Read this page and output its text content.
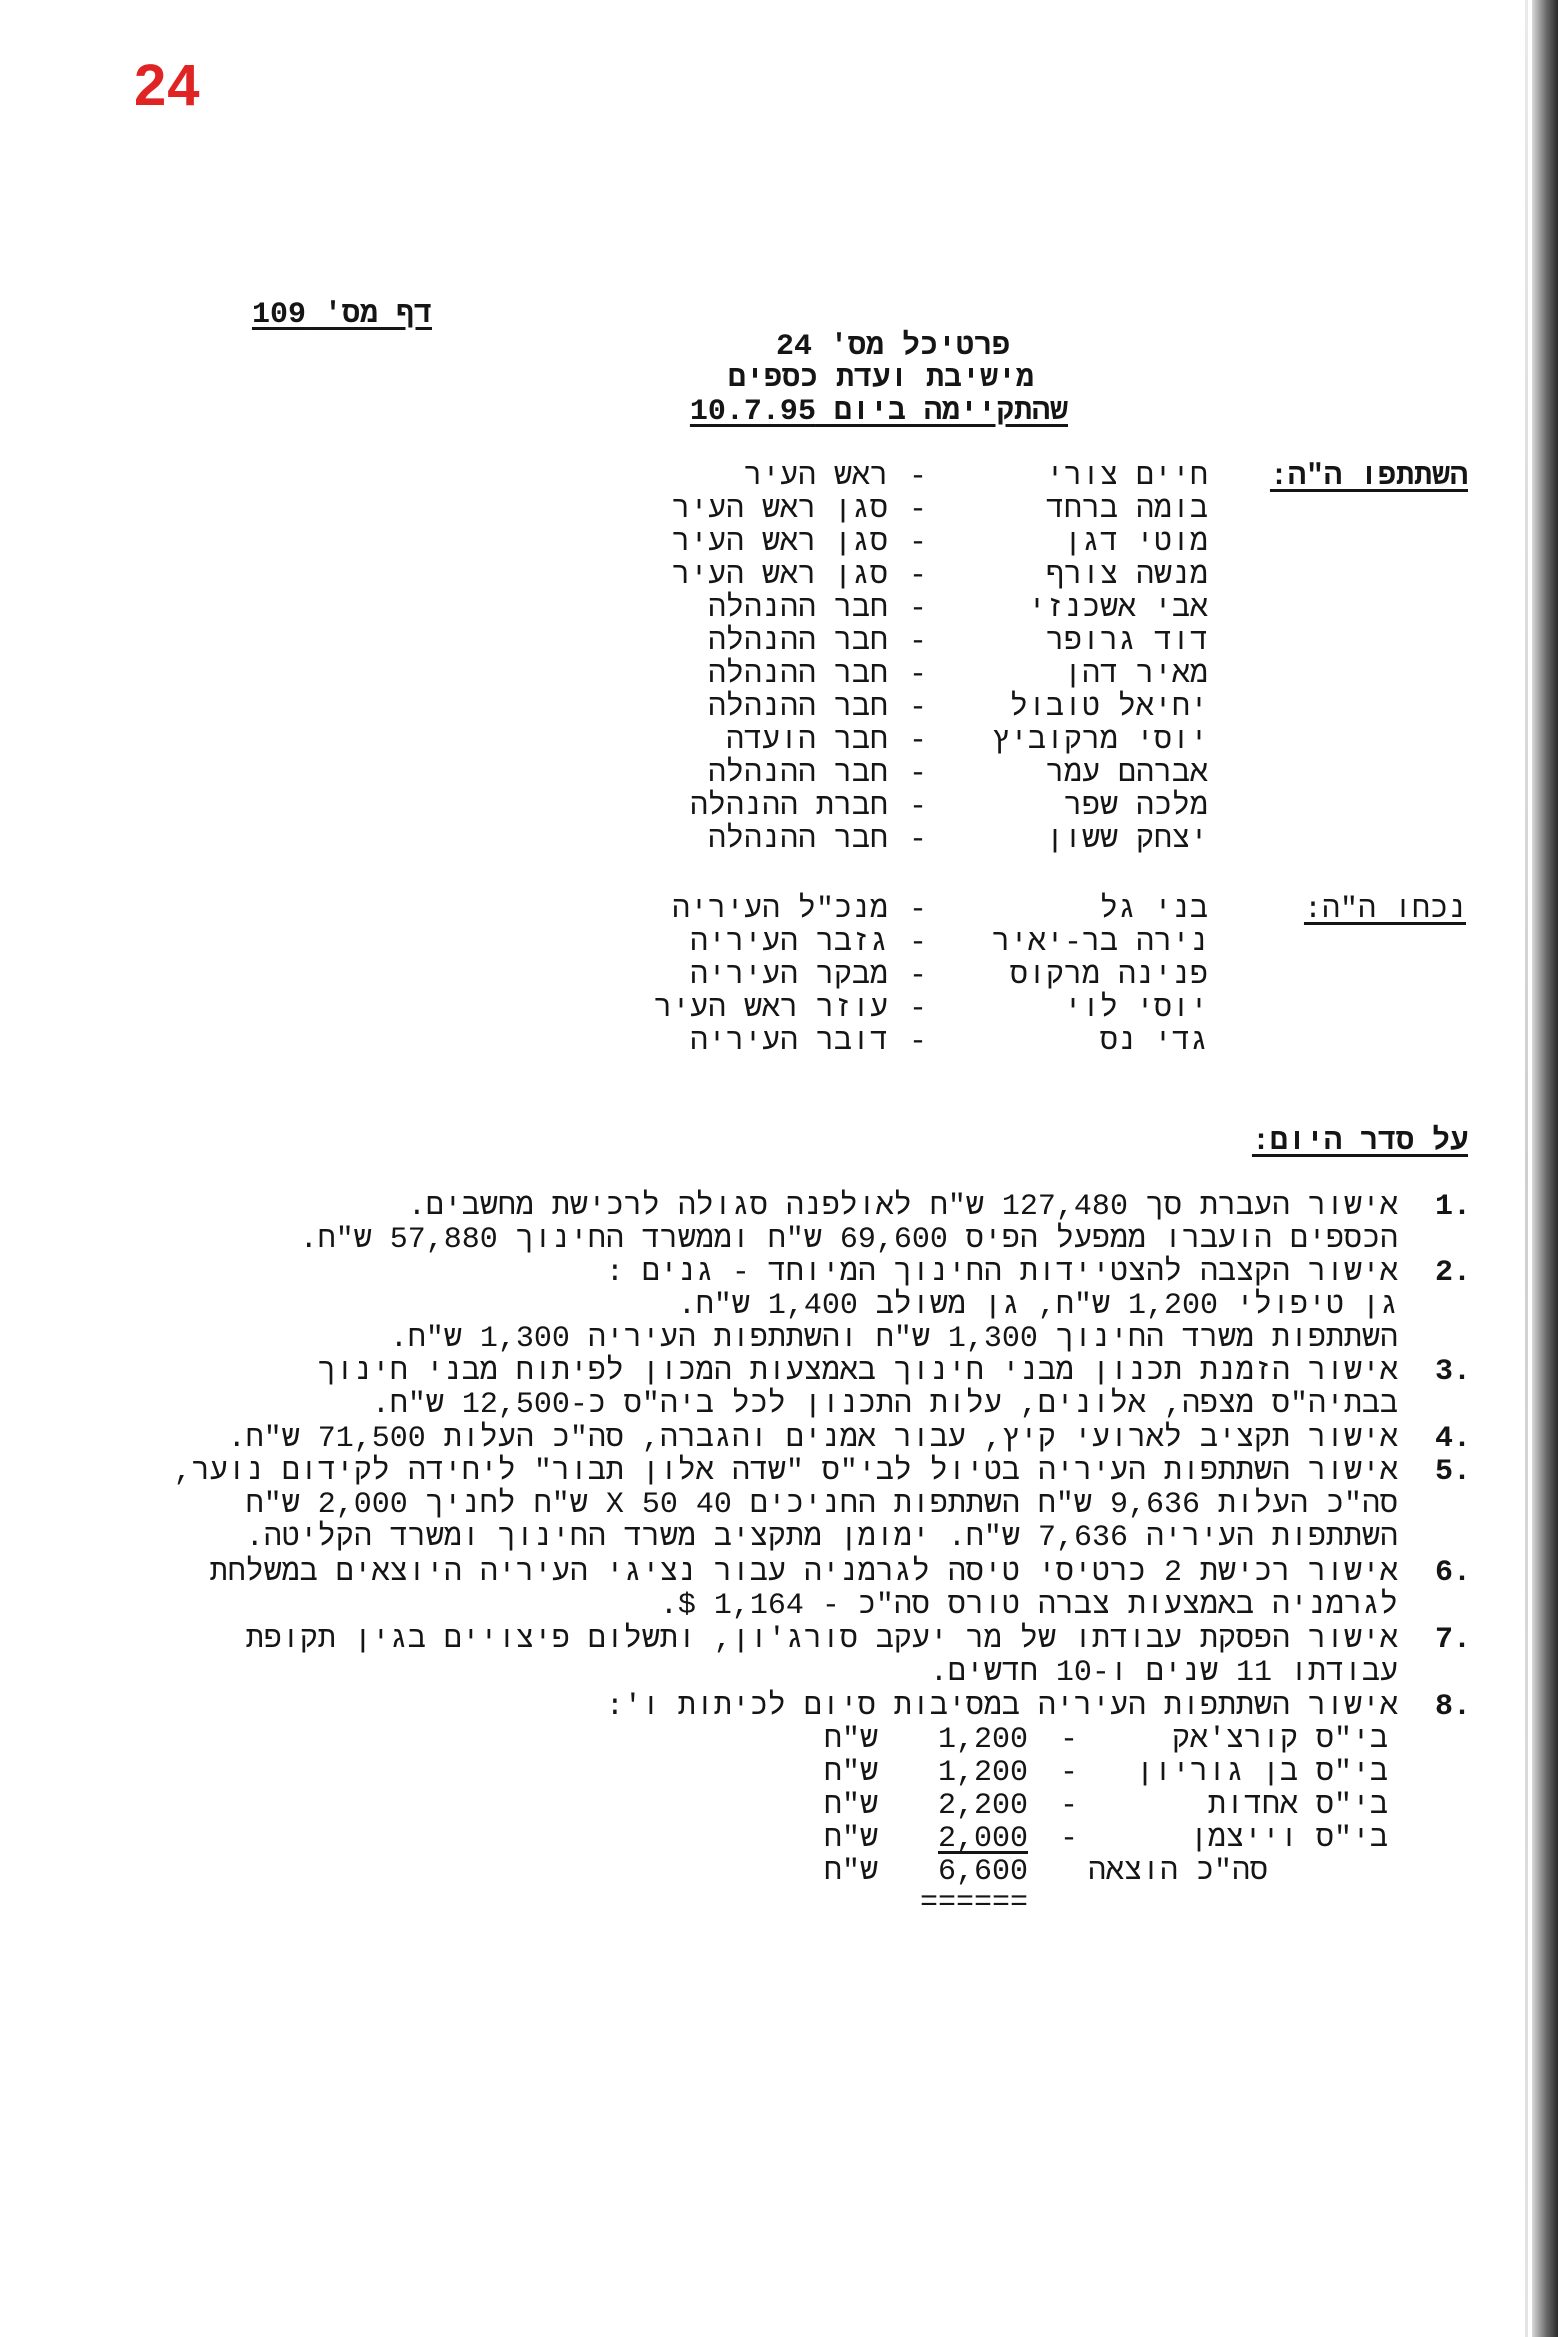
24
דף מס' 109
פרטיכל מס' 24
מישיבת ועדת כספים
שהתקיימה ביום 10.7.95
השתתפו ה"ה:
חיים צורי
-
ראש העיר
בומה ברחד
-
סגן ראש העיר
מוטי דגן
-
סגן ראש העיר
מנשה צורף
-
סגן ראש העיר
אבי אשכנזי
-
חבר ההנהלה
דוד גרופר
-
חבר ההנהלה
מאיר דהן
-
חבר ההנהלה
יחיאל טובול
-
חבר ההנהלה
יוסי מרקוביץ
-
חבר הועדה
אברהם עמר
-
חבר ההנהלה
מלכה שפר
-
חברת ההנהלה
יצחק ששון
-
חבר ההנהלה
נכחו ה"ה:
בני גל
-
מנכ"ל העיריה
נירה בר-יאיר
-
גזבר העיריה
פנינה מרקוס
-
מבקר העיריה
יוסי לוי
-
עוזר ראש העיר
גדי נס
-
דובר העיריה
על סדר היום:
1.
אישור העברת סך 127,480 ש"ח לאולפנה סגולה לרכישת מחשבים.
הכספים הועברו ממפעל הפיס 69,600 ש"ח וממשרד החינוך 57,880 ש"ח.
2.
אישור הקצבה להצטיידות החינוך המיוחד - גנים :
גן טיפולי 1,200 ש"ח, גן משולב 1,400 ש"ח.
השתתפות משרד החינוך 1,300 ש"ח והשתתפות העיריה 1,300 ש"ח.
3.
אישור הזמנת תכנון מבני חינוך באמצעות המכון לפיתוח מבני חינוך
בבתיה"ס מצפה, אלונים, עלות התכנון לכל ביה"ס כ-12,500 ש"ח.
4.
אישור תקציב לארועי קיץ, עבור אמנים והגברה, סה"כ העלות 71,500 ש"ח.
5.
אישור השתתפות העיריה בטיול לבי"ס "שדה אלון תבור" ליחידה לקידום נוער,
סה"כ העלות 9,636 ש"ח השתתפות החניכים 40 X 50 ש"ח לחניך 2,000 ש"ח
השתתפות העיריה 7,636 ש"ח. ימומן מתקציב משרד החינוך ומשרד הקליטה.
6.
אישור רכישת 2 כרטיסי טיסה לגרמניה עבור נציגי העיריה היוצאים במשלחת
לגרמניה באמצעות צברה טורס סה"כ - 1,164 $.
7.
אישור הפסקת עבודתו של מר יעקב סורג'ון, ותשלום פיצויים בגין תקופת
עבודתו 11 שנים ו-10 חדשים.
8.
אישור השתתפות העיריה במסיבות סיום לכיתות ו':
בי"ס קורצ'אק
-
1,200
ש"ח
בי"ס בן גוריון
-
1,200
ש"ח
בי"ס אחדות
-
2,200
ש"ח
בי"ס וייצמן
-
2,000
ש"ח
סה"כ הוצאה
6,600
ש"ח
======
